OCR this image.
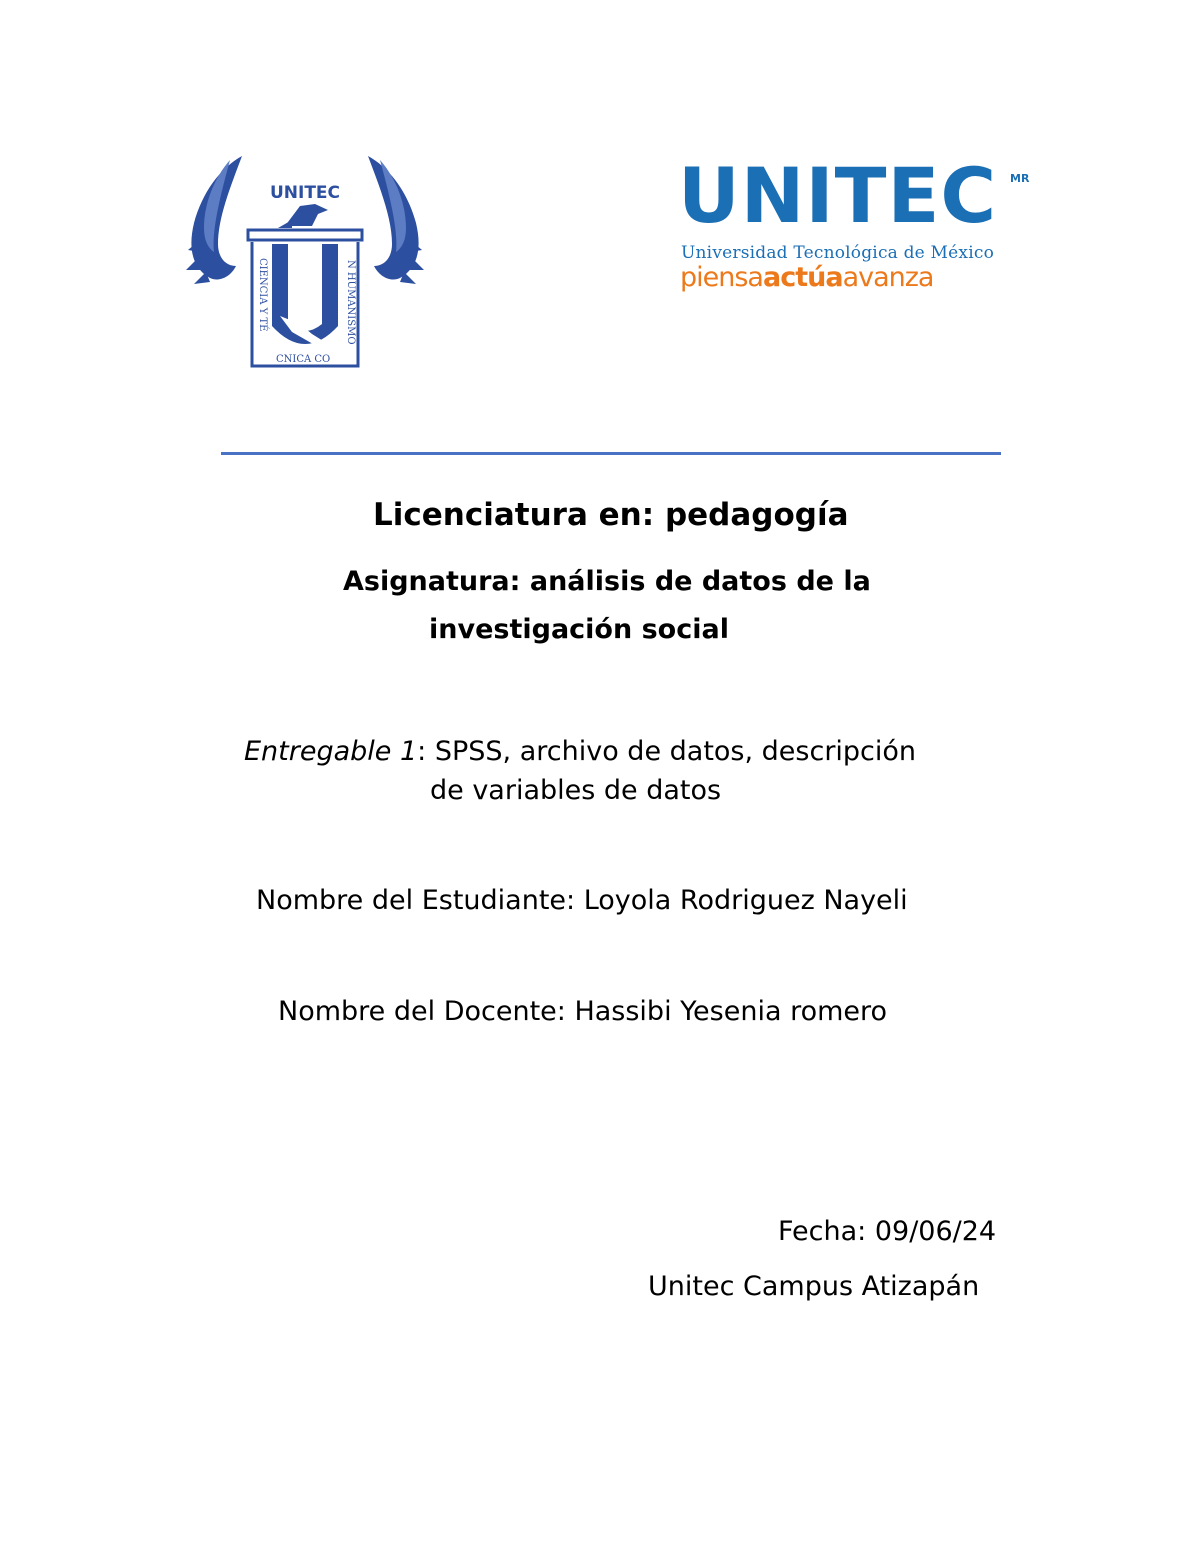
UNITEC
CIENCIA Y TÉ
CNICA CO
N HUMANISMO
UNITEC MR
Universidad Tecnológica de México
piensaactúaavanza
Licenciatura en: pedagogía
Asignatura: análisis de datos de la
investigación social
Entregable 1: SPSS, archivo de datos, descripción
de variables de datos
Nombre del Estudiante: Loyola Rodriguez Nayeli
Nombre del Docente: Hassibi Yesenia romero
Fecha: 09/06/24
Unitec Campus Atizapán
